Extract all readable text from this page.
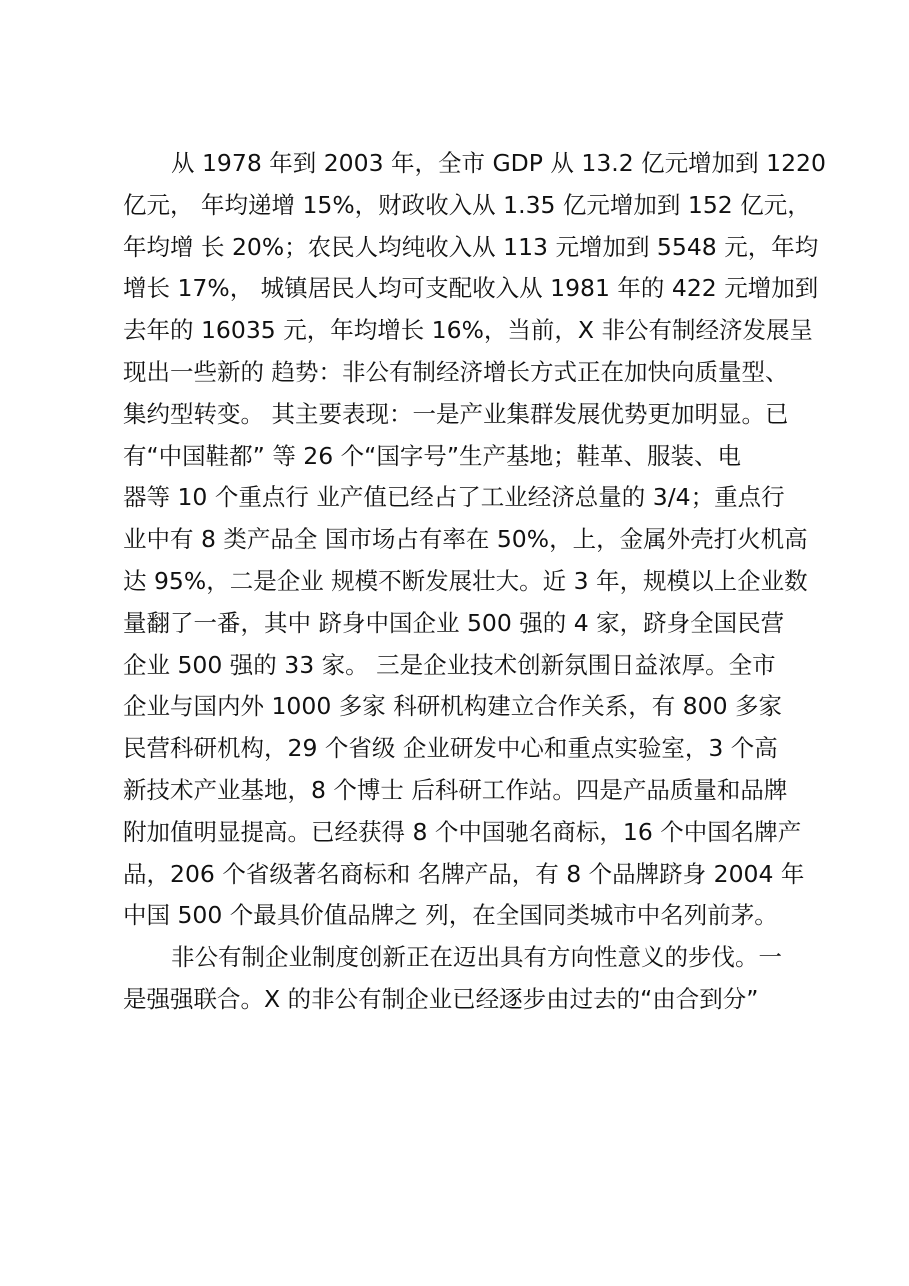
从 1978 年到 2003 年，全市 GDP 从 13.2 亿元增加到 1220
亿元， 年均递增 15%，财政收入从 1.35 亿元增加到 152 亿元，
年均增 长 20%；农民人均纯收入从 113 元增加到 5548 元，年均
增长 17%， 城镇居民人均可支配收入从 1981 年的 422 元增加到
去年的 16035 元，年均增长 16%，当前，X 非公有制经济发展呈
现出一些新的 趋势：非公有制经济增长方式正在加快向质量型、
集约型转变。 其主要表现：一是产业集群发展优势更加明显。已
有“中国鞋都” 等 26 个“国字号”生产基地；鞋革、服装、电
器等 10 个重点行 业产值已经占了工业经济总量的 3/4；重点行
业中有 8 类产品全 国市场占有率在 50%，上，金属外壳打火机高
达 95%，二是企业 规模不断发展壮大。近 3 年，规模以上企业数
量翻了一番，其中 跻身中国企业 500 强的 4 家，跻身全国民营
企业 500 强的 33 家。 三是企业技术创新氛围日益浓厚。全市
企业与国内外 1000 多家 科研机构建立合作关系，有 800 多家
民营科研机构，29 个省级 企业研发中心和重点实验室，3 个高
新技术产业基地，8 个博士 后科研工作站。四是产品质量和品牌
附加值明显提高。已经获得 8 个中国驰名商标，16 个中国名牌产
品，206 个省级著名商标和 名牌产品，有 8 个品牌跻身 2004 年
中国 500 个最具价值品牌之 列，在全国同类城市中名列前茅。
非公有制企业制度创新正在迈出具有方向性意义的步伐。一
是强强联合。X 的非公有制企业已经逐步由过去的“由合到分”
